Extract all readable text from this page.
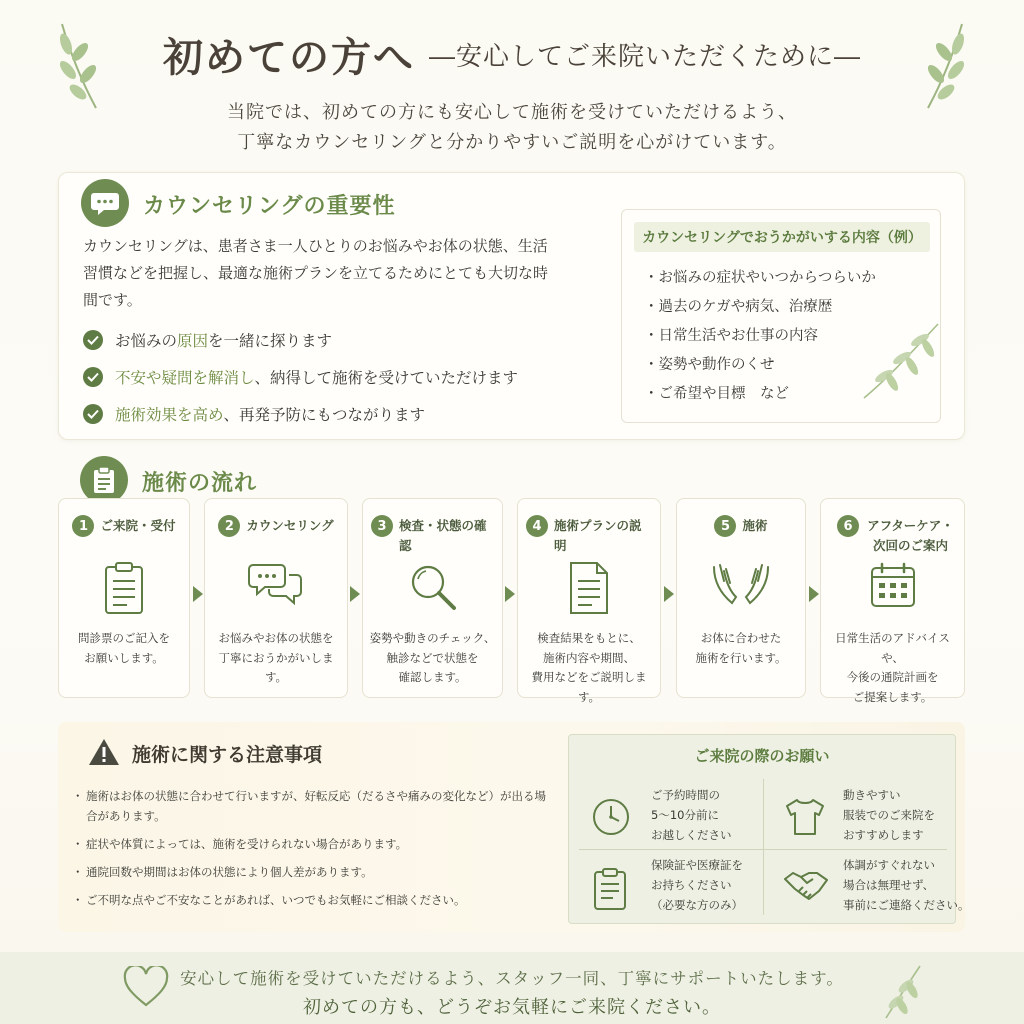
初めての方へ ―安心してご来院いただくために―
当院では、初めての方にも安心して施術を受けていただけるよう、
丁寧なカウンセリングと分かりやすいご説明を心がけています。
カウンセリングの重要性
カウンセリングは、患者さま一人ひとりのお悩みやお体の状態、生活習慣などを把握し、最適な施術プランを立てるためにとても大切な時間です。
お悩みの 原因 を一緒に探ります
不安や疑問を解消し 、納得して施術を受けていただけます
施術効果を高め 、再発予防にもつながります
カウンセリングでおうかがいする内容（例）
・お悩みの症状やいつからつらいか
・過去のケガや病気、治療歴
・日常生活やお仕事の内容
・姿勢や動作のくせ
・ご希望や目標　など
施術の流れ
1 ご来院・受付
問診票のご記入を
お願いします。
2 カウンセリング
お悩みやお体の状態を
丁寧におうかがいします。
3 検査・状態の確認
姿勢や動きのチェック、
触診などで状態を
確認します。
4 施術プランの説明
検査結果をもとに、
施術内容や期間、
費用などをご説明します。
5 施術
お体に合わせた
施術を行います。
6	アフターケア・次回のご案内
日常生活のアドバイスや、
今後の通院計画を
ご提案します。
施術に関する注意事項
・ 施術はお体の状態に合わせて行いますが、好転反応（だるさや痛みの変化など）が出る場合があります。
・ 症状や体質によっては、施術を受けられない場合があります。
・ 通院回数や期間はお体の状態により個人差があります。
・ ご不明な点やご不安なことがあれば、いつでもお気軽にご相談ください。
ご来院の際のお願い
ご予約時間の
5～10分前に
お越しください
動きやすい
服装でのご来院を
おすすめします
保険証や医療証を
お持ちください
（必要な方のみ）
体調がすぐれない
場合は無理せず、
事前にご連絡ください。
安心して施術を受けていただけるよう、スタッフ一同、丁寧にサポートいたします。
初めての方も、どうぞお気軽にご来院ください。
